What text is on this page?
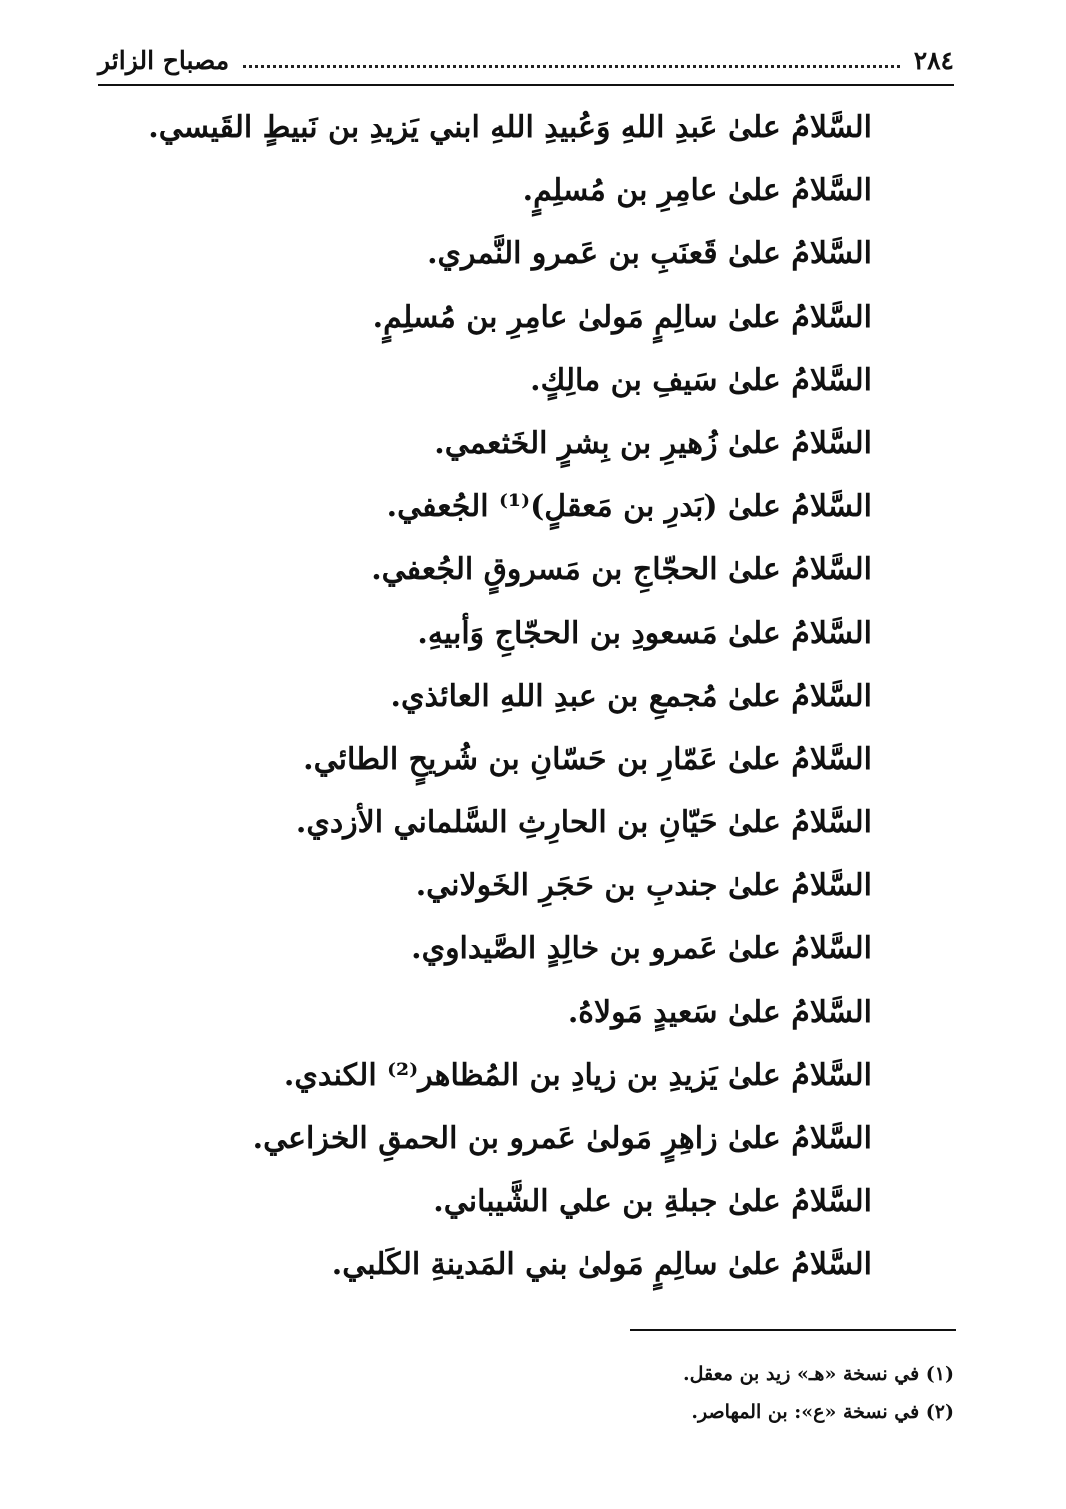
٢٨٤
مصباح الزائر
السَّلامُ علىٰ عَبدِ اللهِ وَعُبيدِ اللهِ ابني يَزيدِ بن نَبيطٍ القَيسي.
السَّلامُ علىٰ عامِرِ بن مُسلِمٍ.
السَّلامُ علىٰ قَعنَبِ بن عَمرو النَّمري.
السَّلامُ علىٰ سالِمٍ مَولىٰ عامِرِ بن مُسلِمٍ.
السَّلامُ علىٰ سَيفِ بن مالِكٍ.
السَّلامُ علىٰ زُهيرِ بن بِشرٍ الخَثعمي.
السَّلامُ علىٰ (بَدرِ بن مَعقلٍ)⁽¹⁾ الجُعفي.
السَّلامُ علىٰ الحجّاجِ بن مَسروقٍ الجُعفي.
السَّلامُ علىٰ مَسعودِ بن الحجّاجِ وَأبيهِ.
السَّلامُ علىٰ مُجمعِ بن عبدِ اللهِ العائذي.
السَّلامُ علىٰ عَمّارِ بن حَسّانِ بن شُريحٍ الطائي.
السَّلامُ علىٰ حَيّانِ بن الحارِثِ السَّلماني الأزدي.
السَّلامُ علىٰ جندبِ بن حَجَرِ الخَولاني.
السَّلامُ علىٰ عَمرو بن خالِدٍ الصَّيداوي.
السَّلامُ علىٰ سَعيدٍ مَولاهُ.
السَّلامُ علىٰ يَزيدِ بن زيادِ بن المُظاهر⁽²⁾ الكندي.
السَّلامُ علىٰ زاهِرٍ مَولىٰ عَمرو بن الحمقِ الخزاعي.
السَّلامُ علىٰ جبلةِ بن علي الشَّيباني.
السَّلامُ علىٰ سالِمٍ مَولىٰ بني المَدينةِ الكَلبي.
(١) في نسخة «هـ» زيد بن معقل.
(٢) في نسخة «ع»: بن المهاصر.
